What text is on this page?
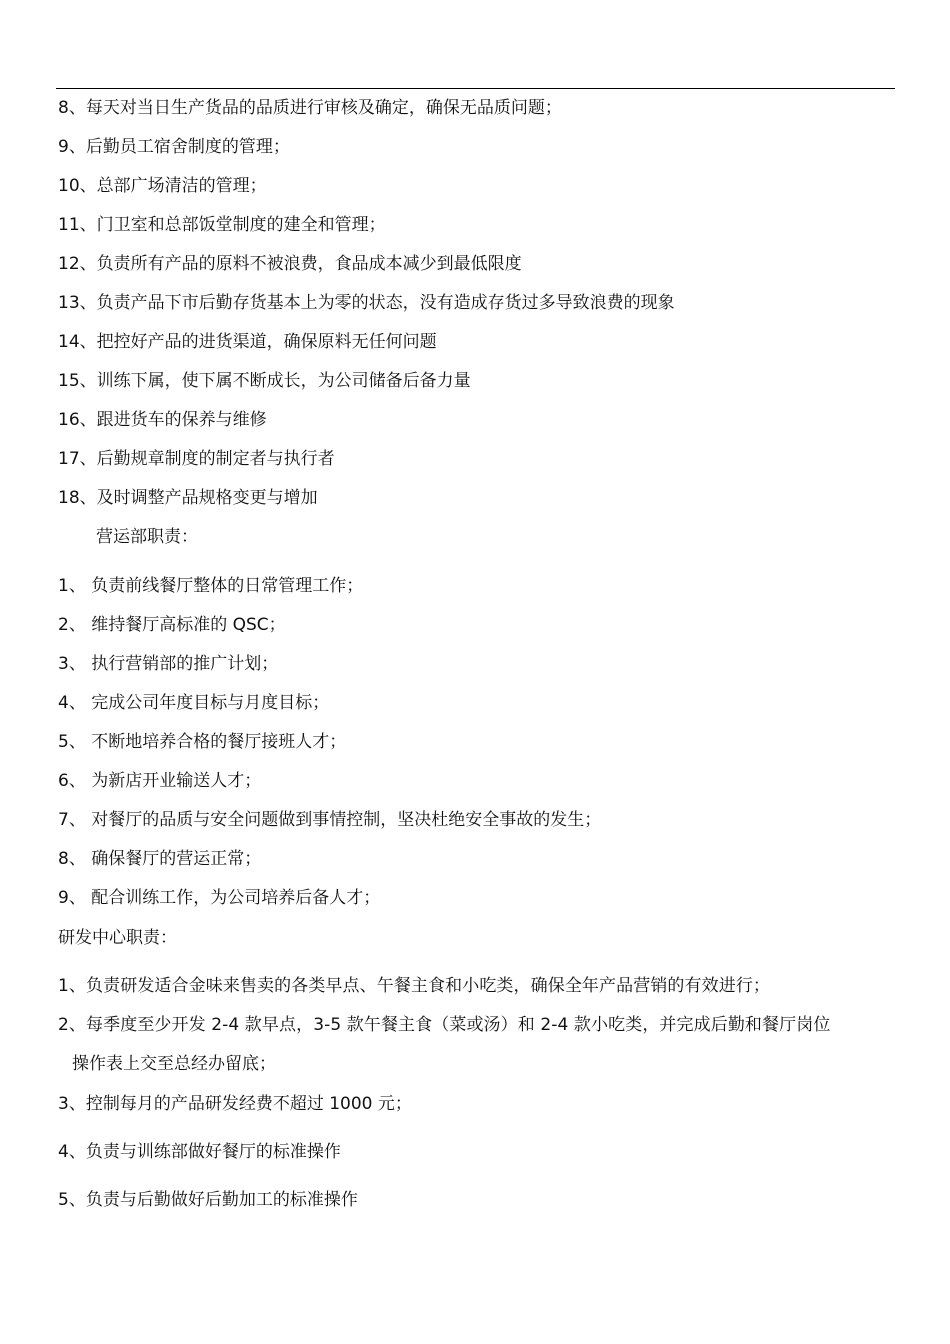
8、每天对当日生产货品的品质进行审核及确定，确保无品质问题；
9、后勤员工宿舍制度的管理；
10、总部广场清洁的管理；
11、门卫室和总部饭堂制度的建全和管理；
12、负责所有产品的原料不被浪费，食品成本减少到最低限度
13、负责产品下市后勤存货基本上为零的状态，没有造成存货过多导致浪费的现象
14、把控好产品的进货渠道，确保原料无任何问题
15、训练下属，使下属不断成长，为公司储备后备力量
16、跟进货车的保养与维修
17、后勤规章制度的制定者与执行者
18、及时调整产品规格变更与增加
营运部职责：
1、 负责前线餐厅整体的日常管理工作；
2、 维持餐厅高标准的 QSC；
3、 执行营销部的推广计划；
4、 完成公司年度目标与月度目标；
5、 不断地培养合格的餐厅接班人才；
6、 为新店开业输送人才；
7、 对餐厅的品质与安全问题做到事情控制，坚决杜绝安全事故的发生；
8、 确保餐厅的营运正常；
9、 配合训练工作，为公司培养后备人才；
研发中心职责：
1、负责研发适合金味来售卖的各类早点、午餐主食和小吃类，确保全年产品营销的有效进行；
2、每季度至少开发 2-4 款早点，3-5 款午餐主食（菜或汤）和 2-4 款小吃类，并完成后勤和餐厅岗位
操作表上交至总经办留底；
3、控制每月的产品研发经费不超过 1000 元；
4、负责与训练部做好餐厅的标准操作
5、负责与后勤做好后勤加工的标准操作
